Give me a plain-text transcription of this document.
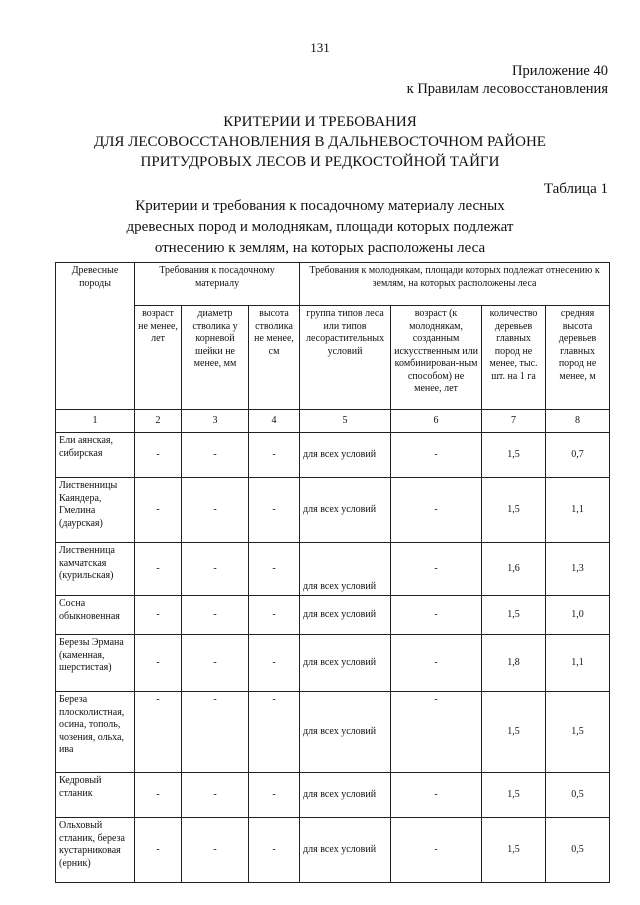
131
Приложение 40
к Правилам лесовосстановления
КРИТЕРИИ И ТРЕБОВАНИЯ
ДЛЯ ЛЕСОВОССТАНОВЛЕНИЯ В ДАЛЬНЕВОСТОЧНОМ РАЙОНЕ
ПРИТУДРОВЫХ ЛЕСОВ И РЕДКОСТОЙНОЙ ТАЙГИ
Таблица 1
Критерии и требования к посадочному материалу лесных
древесных пород и молоднякам, площади которых подлежат
отнесению к землям, на которых расположены леса
Древесные породы	Требования к посадочному материалу			Требования к молоднякам, площади которых подлежат отнесению к землям, на которых расположены леса			
	возраст не менее, лет	диаметр стволика у корневой шейки не менее, мм	высота стволика не менее, см	группа типов леса или типов лесорастительных условий	возраст (к молоднякам, созданным искусственным или комбинирован-ным способом) не менее, лет	количество деревьев главных пород не менее, тыс. шт. на 1 га	средняя высота деревьев главных пород не менее, м
1	2	3	4	5	6	7	8
Ели аянская, сибирская	-	-	-	для всех условий	-	1,5	0,7
Лиственницы Каяндера, Гмелина (даурская)	-	-	-	для всех условий	-	1,5	1,1
Лиственница камчатская (курильская)	-	-	-	для всех условий	-	1,6	1,3
Сосна обыкновенная	-	-	-	для всех условий	-	1,5	1,0
Березы Эрмана (каменная, шерстистая)	-	-	-	для всех условий	-	1,8	1,1
Береза плосколистная, осина, тополь, чозения, ольха, ива	-	-	-	для всех условий	-	1,5	1,5
Кедровый стланик	-	-	-	для всех условий	-	1,5	0,5
Ольховый стланик, береза кустарниковая (ерник)	-	-	-	для всех условий	-	1,5	0,5
